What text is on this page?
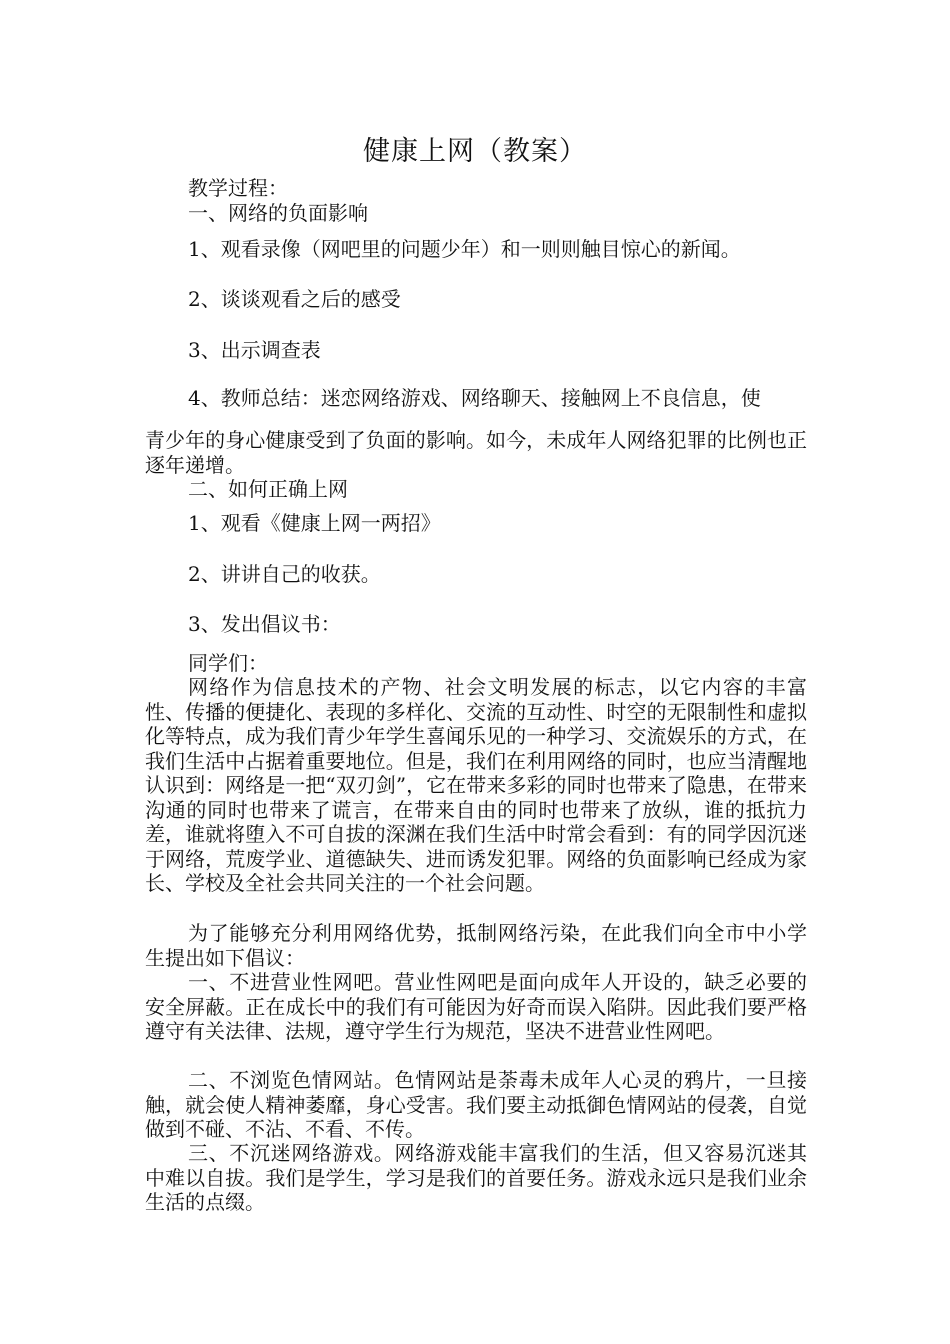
健康上网（教案）
教学过程：
一、网络的负面影响
1、观看录像（网吧里的问题少年）和一则则触目惊心的新闻。
2、谈谈观看之后的感受
3、出示调查表
4、教师总结：迷恋网络游戏、网络聊天、接触网上不良信息，使

青少年的身心健康受到了负面的影响。如今，未成年人网络犯罪的比例也正逐年递增。

二、如何正确上网
1、观看《健康上网一两招》
2、讲讲自己的收获。
3、发出倡议书：
同学们：

网络作为信息技术的产物、社会文明发展的标志，以它内容的丰富性、传播的便捷化、表现的多样化、交流的互动性、时空的无限制性和虚拟化等特点，成为我们青少年学生喜闻乐见的一种学习、交流娱乐的方式，在我们生活中占据着重要地位。但是，我们在利用网络的同时，也应当清醒地认识到：网络是一把“双刃剑”，它在带来多彩的同时也带来了隐患，在带来沟通的同时也带来了谎言，在带来自由的同时也带来了放纵，谁的抵抗力差，谁就将堕入不可自拔的深渊在我们生活中时常会看到：有的同学因沉迷于网络，荒废学业、道德缺失、进而诱发犯罪。网络的负面影响已经成为家长、学校及全社会共同关注的一个社会问题。

为了能够充分利用网络优势，抵制网络污染，在此我们向全市中小学生提出如下倡议：

一、不进营业性网吧。营业性网吧是面向成年人开设的，缺乏必要的安全屏蔽。正在成长中的我们有可能因为好奇而误入陷阱。因此我们要严格遵守有关法律、法规，遵守学生行为规范，坚决不进营业性网吧。

二、不浏览色情网站。色情网站是荼毒未成年人心灵的鸦片，一旦接触，就会使人精神萎靡，身心受害。我们要主动抵御色情网站的侵袭，自觉做到不碰、不沾、不看、不传。

三、不沉迷网络游戏。网络游戏能丰富我们的生活，但又容易沉迷其中难以自拔。我们是学生，学习是我们的首要任务。游戏永远只是我们业余生活的点缀。
